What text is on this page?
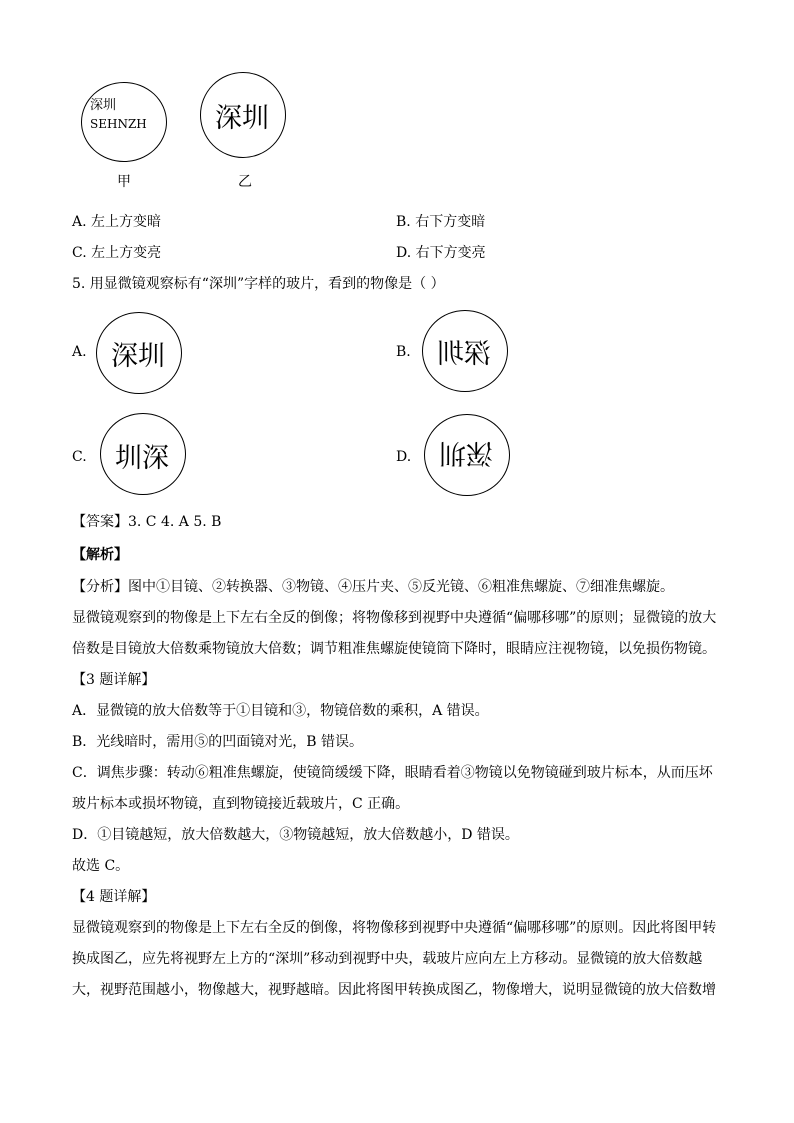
深圳
SEHNZH
甲
深圳
乙
A. 左上方变暗	B. 右下方变暗
C. 左上方变亮	D. 右下方变亮
5. 用显微镜观察标有“深圳”字样的玻片，看到的物像是（ ）
A. 深圳	B. 深圳
C. 圳深	D. 深圳
【答案】3. C 4. A 5. B
【解析】
【分析】图中①目镜、②转换器、③物镜、④压片夹、⑤反光镜、⑥粗准焦螺旋、⑦细准焦螺旋。
显微镜观察到的物像是上下左右全反的倒像；将物像移到视野中央遵循“偏哪移哪”的原则；显微镜的放大
倍数是目镜放大倍数乘物镜放大倍数；调节粗准焦螺旋使镜筒下降时，眼睛应注视物镜，以免损伤物镜。
【3 题详解】
A．显微镜的放大倍数等于①目镜和③，物镜倍数的乘积，A 错误。
B．光线暗时，需用⑤的凹面镜对光，B 错误。
C．调焦步骤：转动⑥粗准焦螺旋，使镜筒缓缓下降，眼睛看着③物镜以免物镜碰到玻片标本，从而压坏
玻片标本或损坏物镜，直到物镜接近载玻片，C 正确。
D．①目镜越短，放大倍数越大，③物镜越短，放大倍数越小，D 错误。
故选 C。
【4 题详解】
显微镜观察到的物像是上下左右全反的倒像，将物像移到视野中央遵循“偏哪移哪”的原则。因此将图甲转
换成图乙，应先将视野左上方的“深圳”移动到视野中央，载玻片应向左上方移动。显微镜的放大倍数越
大，视野范围越小，物像越大，视野越暗。因此将图甲转换成图乙，物像增大，说明显微镜的放大倍数增
